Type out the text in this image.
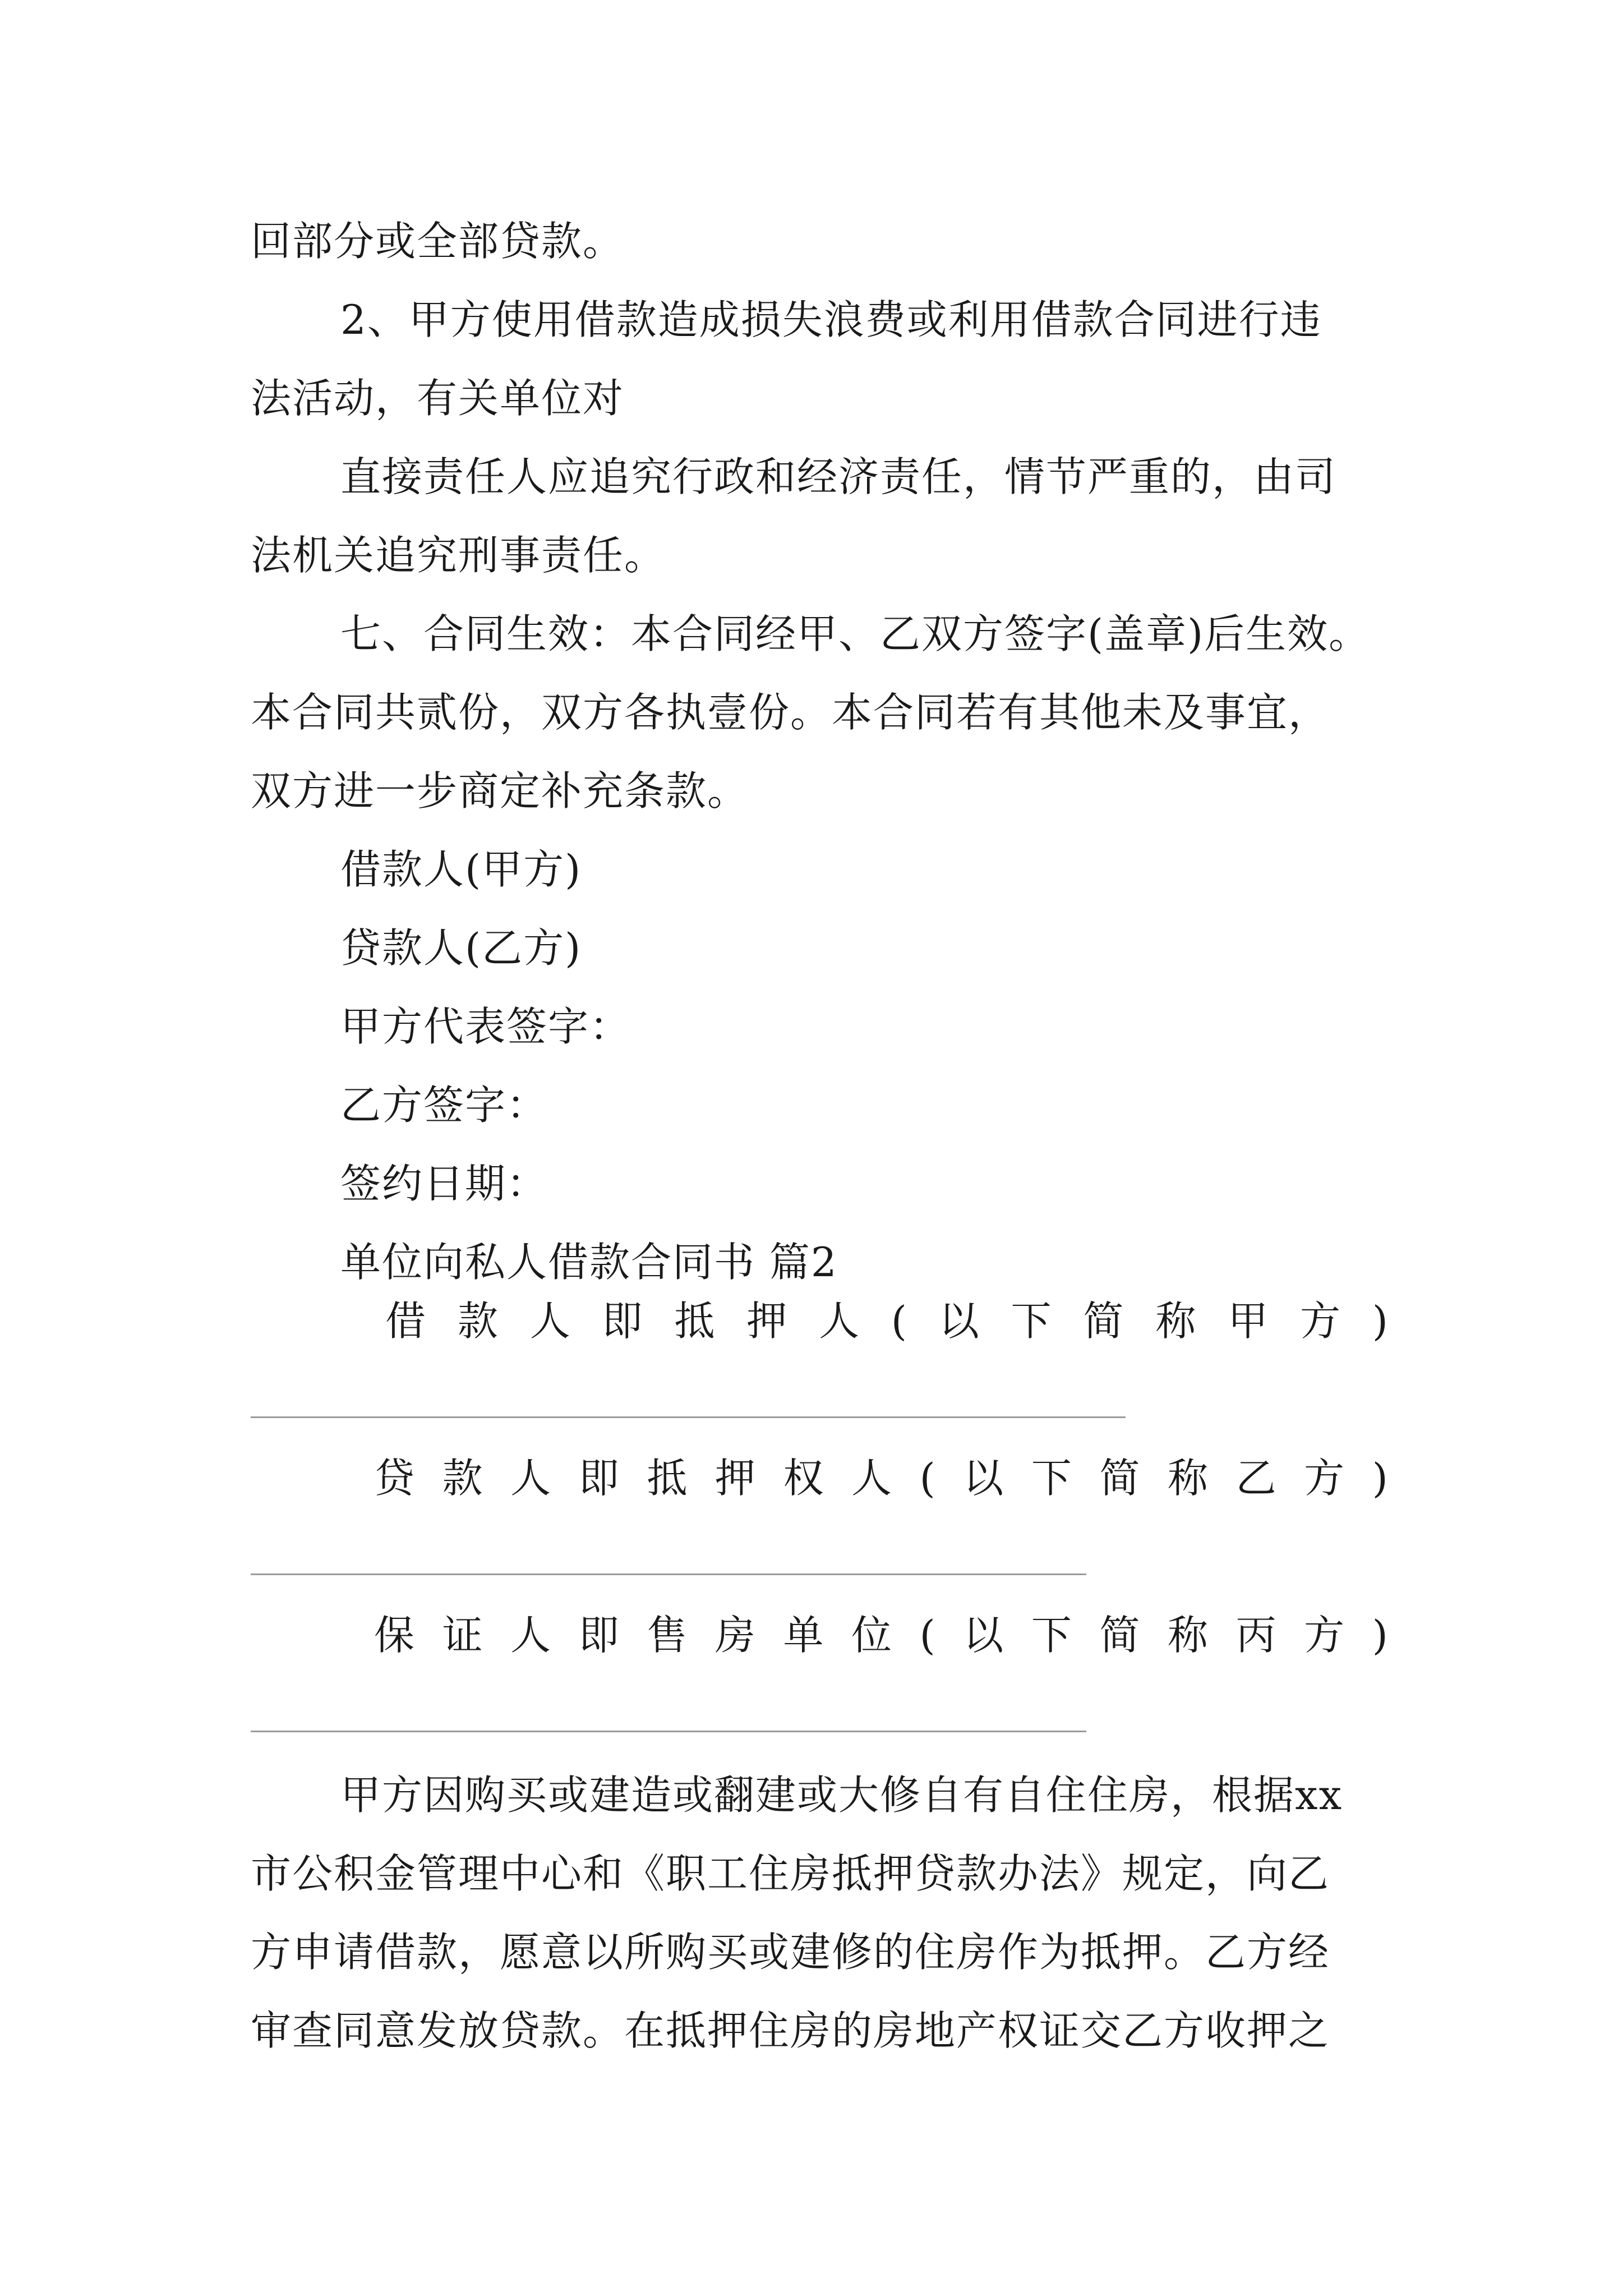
回部分或全部贷款。
2、甲方使用借款造成损失浪费或利用借款合同进行违
法活动，有关单位对
直接责任人应追究行政和经济责任，情节严重的，由司
法机关追究刑事责任。
七、合同生效：本合同经甲、乙双方签字(盖章)后生效。
本合同共贰份，双方各执壹份。本合同若有其他未及事宜，
双方进一步商定补充条款。
借款人(甲方)
贷款人(乙方)
甲方代表签字：
乙方签字：
签约日期：
单位向私人借款合同书 篇2
借 款 人 即 抵 押 人 ( 以 下 简 称 甲 方 )
贷 款 人 即 抵 押 权 人 ( 以 下 简 称 乙 方 )
保 证 人 即 售 房 单 位 ( 以 下 简 称 丙 方 )
甲方因购买或建造或翻建或大修自有自住住房，根据xx
市公积金管理中心和《职工住房抵押贷款办法》规定，向乙
方申请借款，愿意以所购买或建修的住房作为抵押。乙方经
审查同意发放贷款。在抵押住房的房地产权证交乙方收押之
